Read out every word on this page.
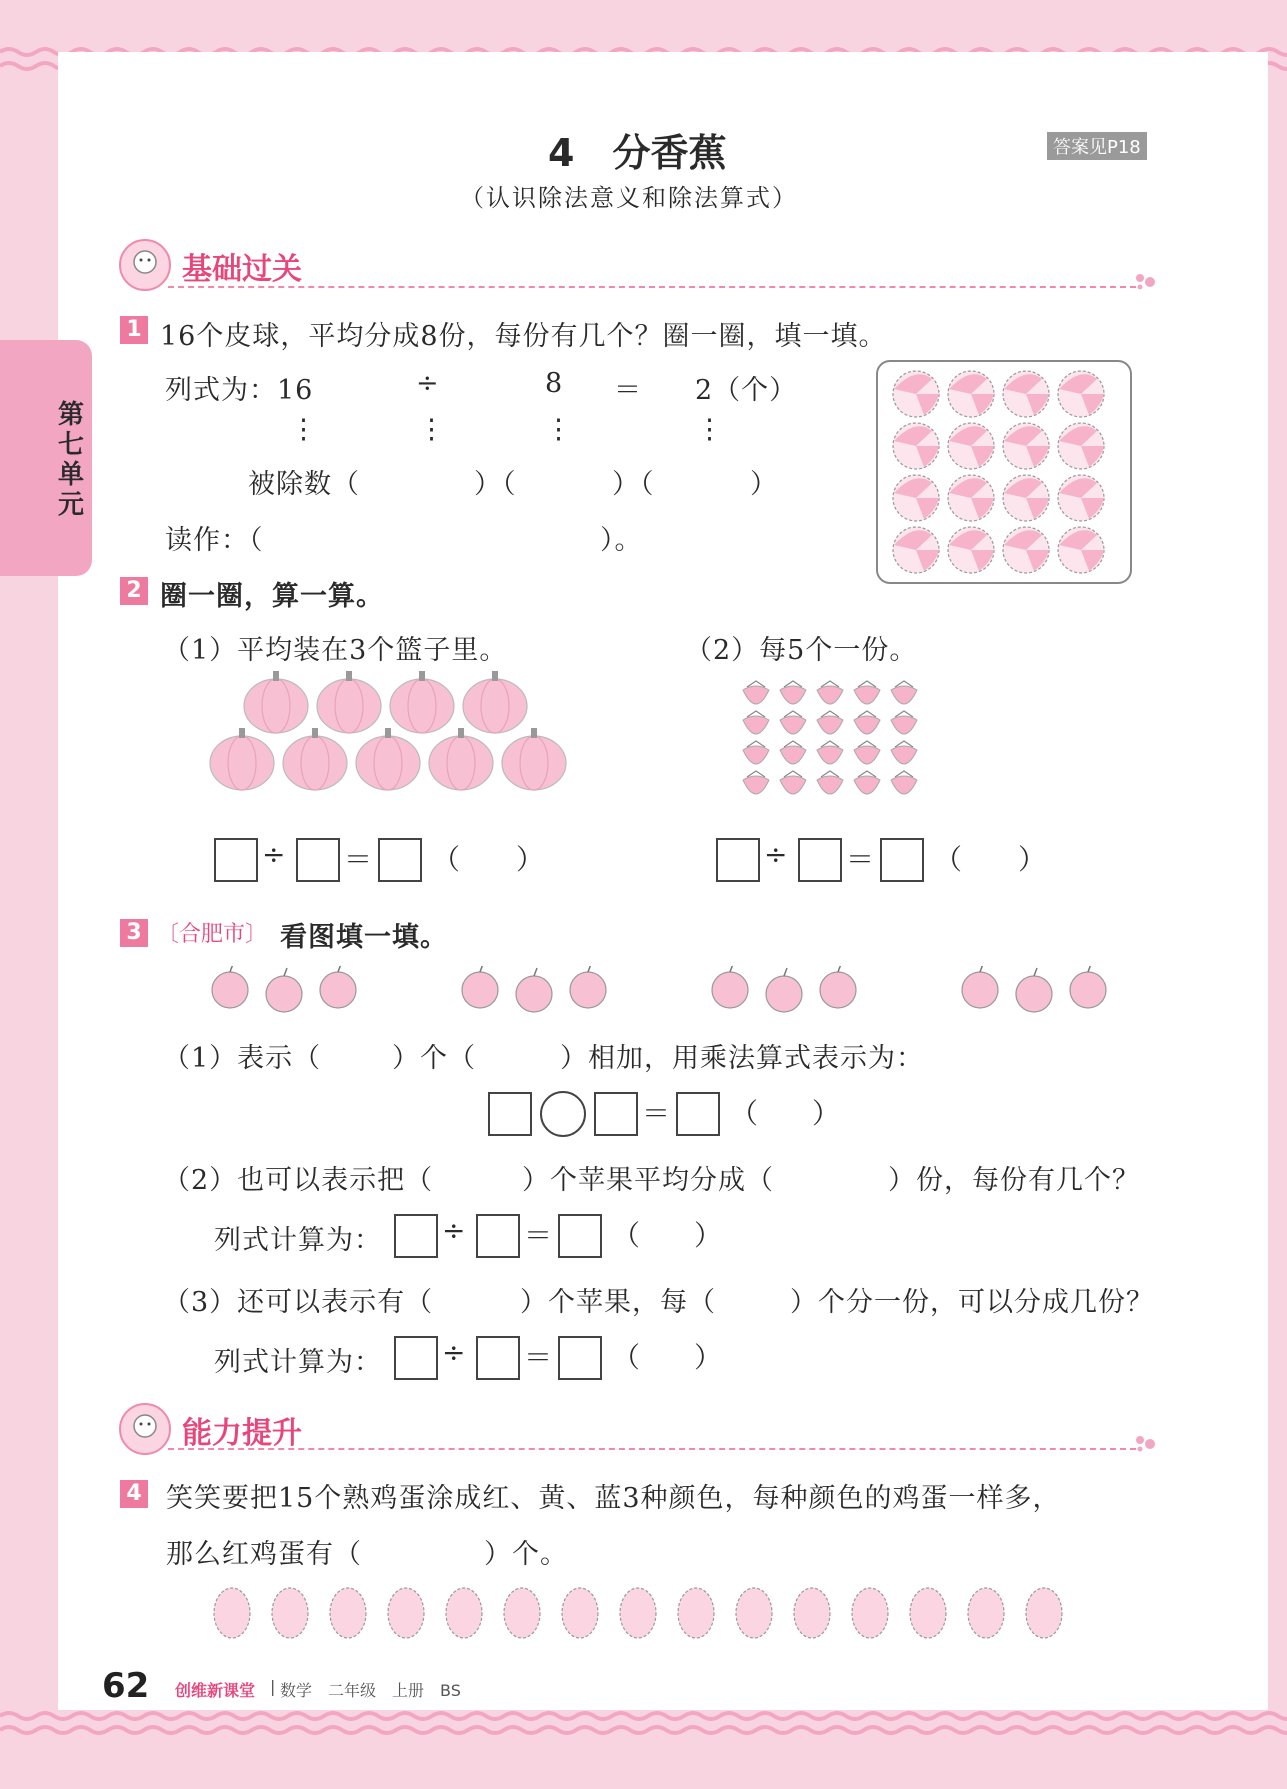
第七单元
4　分香蕉
（认识除法意义和除法算式）
答案见P18
基础过关
1 16个皮球，平均分成8份，每份有几个？圈一圈，填一填。
列式为：16	÷	8 ＝ 2（个）
⋮	⋮	⋮	⋮
被除数（	）（	）（	）
读作：（	）。
2 圈一圈，算一算。
（1）平均装在3个篮子里。	（2）每5个一份。
÷ ＝ （ ）	÷ ＝ （ ）
3 〔合肥市〕 看图填一填。
（1）表示（	）个（	）相加，用乘法算式表示为：
＝ （ ）
（2）也可以表示把（	）个苹果平均分成（	）份，每份有几个？
列式计算为： ÷ ＝ （ ）
（3）还可以表示有（	）个苹果，每（	）个分一份，可以分成几份？
列式计算为： ÷ ＝ （ ）
能力提升
4 笑笑要把15个熟鸡蛋涂成红、黄、蓝3种颜色，每种颜色的鸡蛋一样多，
那么红鸡蛋有（	）个。
62 创维新课堂 | 数学　二年级　上册　BS
